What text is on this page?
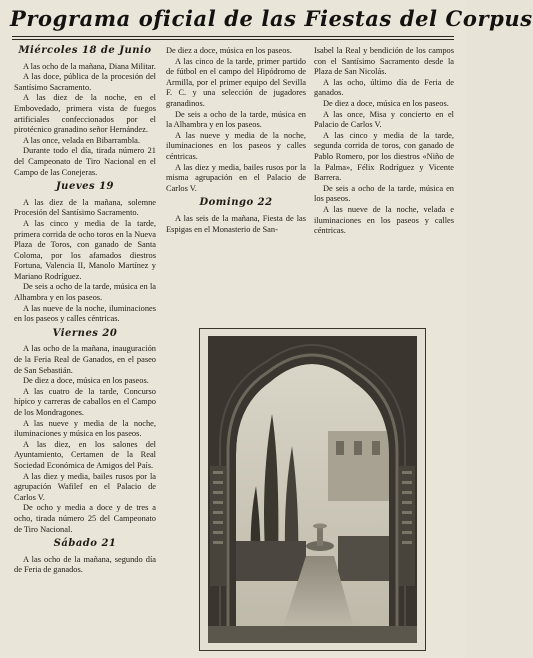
Programa oficial de las Fiestas del Corpus
Miércoles 18 de Junio

A las ocho de la mañana, Diana Militar.

A las doce, pública de la procesión del Santísimo Sacramento.

A las diez de la noche, en el Embovedado, primera vista de fuegos artificiales confeccionados por el pirotécnico granadino señor Hernández.

A las once, velada en Bibarrambla.

Durante todo el día, tirada número 21 del Campeonato de Tiro Nacional en el Campo de las Conejeras.

Jueves 19

A las diez de la mañana, solemne Procesión del Santísimo Sacramento.

A las cinco y media de la tarde, primera corrida de ocho toros en la Nueva Plaza de Toros, con ganado de Santa Coloma, por los afamados diestros Fortuna, Valencia II, Manolo Martínez y Mariano Rodríguez.

De seis a ocho de la tarde, música en la Alhambra y en los paseos.

A las nueve de la noche, iluminaciones en los paseos y calles céntricas.

Viernes 20

A las ocho de la mañana, inauguración de la Feria Real de Ganados, en el paseo de San Sebastián.

De diez a doce, música en los paseos.

A las cuatro de la tarde, Concurso hípico y carreras de caballos en el Campo de los Mondragones.

A las nueve y media de la noche, iluminaciones y música en los paseos.

A las diez, en los salones del Ayuntamiento, Certamen de la Real Sociedad Económica de Amigos del País.

A las diez y media, bailes rusos por la agrupación Wafilef en el Palacio de Carlos V.

De ocho y media a doce y de tres a ocho, tirada número 25 del Campeonato de Tiro Nacional.

Sábado 21

A las ocho de la mañana, segundo día de Feria de ganados.

De diez a doce, música en los paseos.

A las cinco de la tarde, primer partido de fútbol en el campo del Hipódromo de Armilla, por el primer equipo del Sevilla F. C. y una selección de jugadores granadinos.

De seis a ocho de la tarde, música en la Alhambra y en los paseos.

A las nueve y media de la noche, iluminaciones en los paseos y calles céntricas.

A las diez y media, bailes rusos por la misma agrupación en el Palacio de Carlos V.

Domingo 22

A las seis de la mañana, Fiesta de las Espigas en el Monasterio de San-

Isabel la Real y bendición de los campos con el Santísimo Sacramento desde la Plaza de San Nicolás.

A las ocho, último día de Feria de ganados.

De diez a doce, música en los paseos.

A las once, Misa y concierto en el Palacio de Carlos V.

A las cinco y media de la tarde, segunda corrida de toros, con ganado de Pablo Romero, por los diestros «Niño de la Palma», Félix Rodríguez y Vicente Barrera.

De seis a ocho de la tarde, música en los paseos.

A las nueve de la noche, velada e iluminaciones en los paseos y calles céntricas.
